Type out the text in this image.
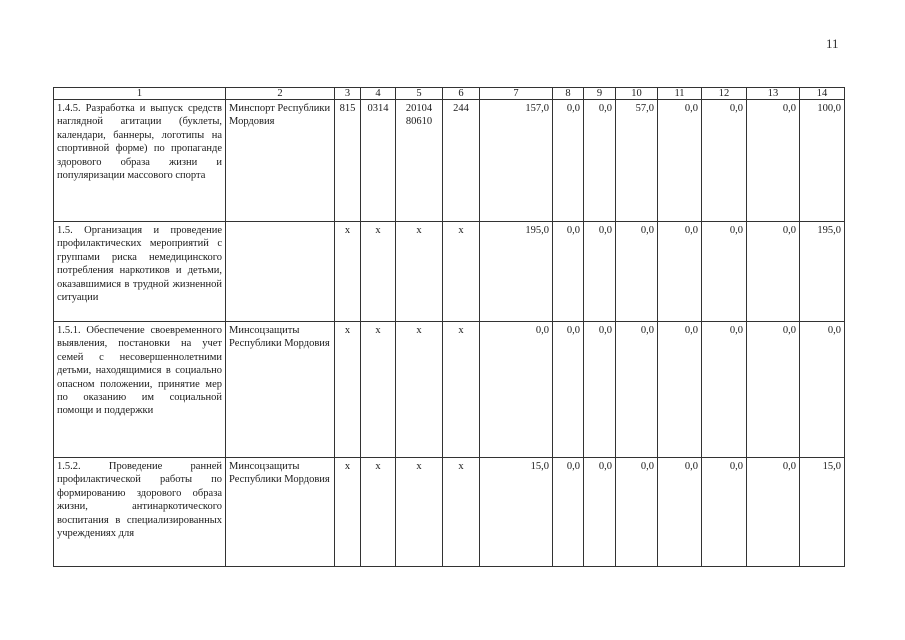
11
1	2	3	4	5	6	7	8	9	10	11	12	13	14
1.4.5. Разработка и выпуск средств наглядной агитации (буклеты, календари, баннеры, логотипы на спортивной форме) по пропаганде здорового образа жизни и популяризации массового спорта	Минспорт Республики Мордовия	815	0314	20104 80610	244	157,0	0,0	0,0	57,0	0,0	0,0	0,0	100,0
1.5. Организация и проведение профилактических мероприятий с группами риска немедицинского потребления наркотиков и детьми, оказавшимися в трудной жизненной ситуации		х	х	х	х	195,0	0,0	0,0	0,0	0,0	0,0	0,0	195,0
1.5.1. Обеспечение своевременного выявления, постановки на учет семей с несовершеннолетними детьми, находящимися в социально опасном положении, принятие мер по оказанию им социальной помощи и поддержки	Минсоцзащиты Республики Мордовия	х	х	х	х	0,0	0,0	0,0	0,0	0,0	0,0	0,0	0,0
1.5.2. Проведение ранней профилактической работы по формированию здорового образа жизни, антинаркотического воспитания в специализированных учреждениях для	Минсоцзащиты Республики Мордовия	х	х	х	х	15,0	0,0	0,0	0,0	0,0	0,0	0,0	15,0
